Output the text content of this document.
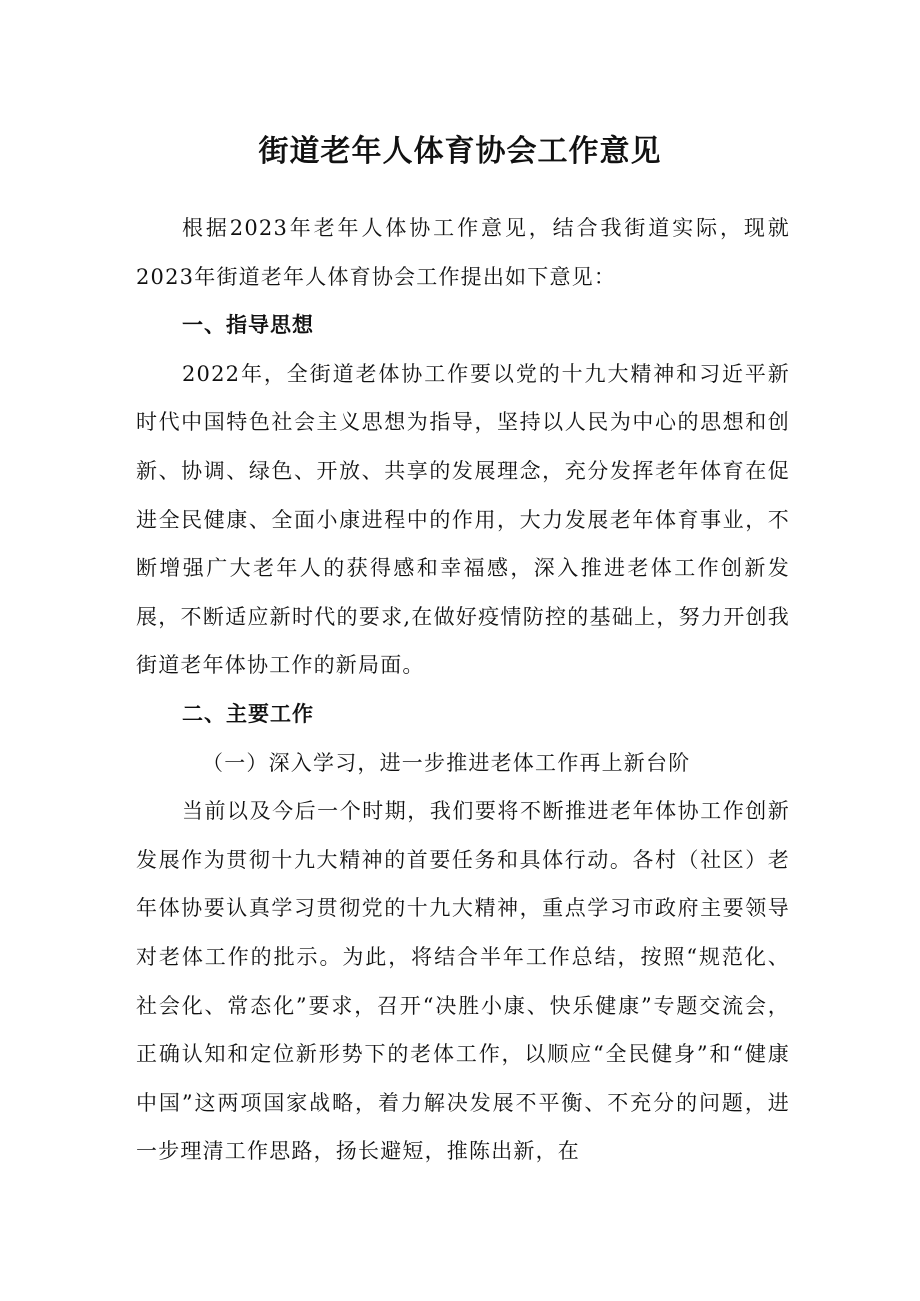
街道老年人体育协会工作意见

根据2023年老年人体协工作意见，结合我街道实际，现就2023年街道老年人体育协会工作提出如下意见：

一、指导思想

2022年，全街道老体协工作要以党的十九大精神和习近平新时代中国特色社会主义思想为指导，坚持以人民为中心的思想和创新、协调、绿色、开放、共享的发展理念，充分发挥老年体育在促进全民健康、全面小康进程中的作用，大力发展老年体育事业，不断增强广大老年人的获得感和幸福感，深入推进老体工作创新发展，不断适应新时代的要求,在做好疫情防控的基础上，努力开创我街道老年体协工作的新局面。

二、主要工作

（一）深入学习，进一步推进老体工作再上新台阶

当前以及今后一个时期，我们要将不断推进老年体协工作创新发展作为贯彻十九大精神的首要任务和具体行动。各村（社区）老年体协要认真学习贯彻党的十九大精神，重点学习市政府主要领导对老体工作的批示。为此，将结合半年工作总结，按照“规范化、社会化、常态化”要求，召开“决胜小康、快乐健康”专题交流会，正确认知和定位新形势下的老体工作，以顺应“全民健身”和“健康中国”这两项国家战略，着力解决发展不平衡、不充分的问题，进一步理清工作思路，扬长避短，推陈出新，在
